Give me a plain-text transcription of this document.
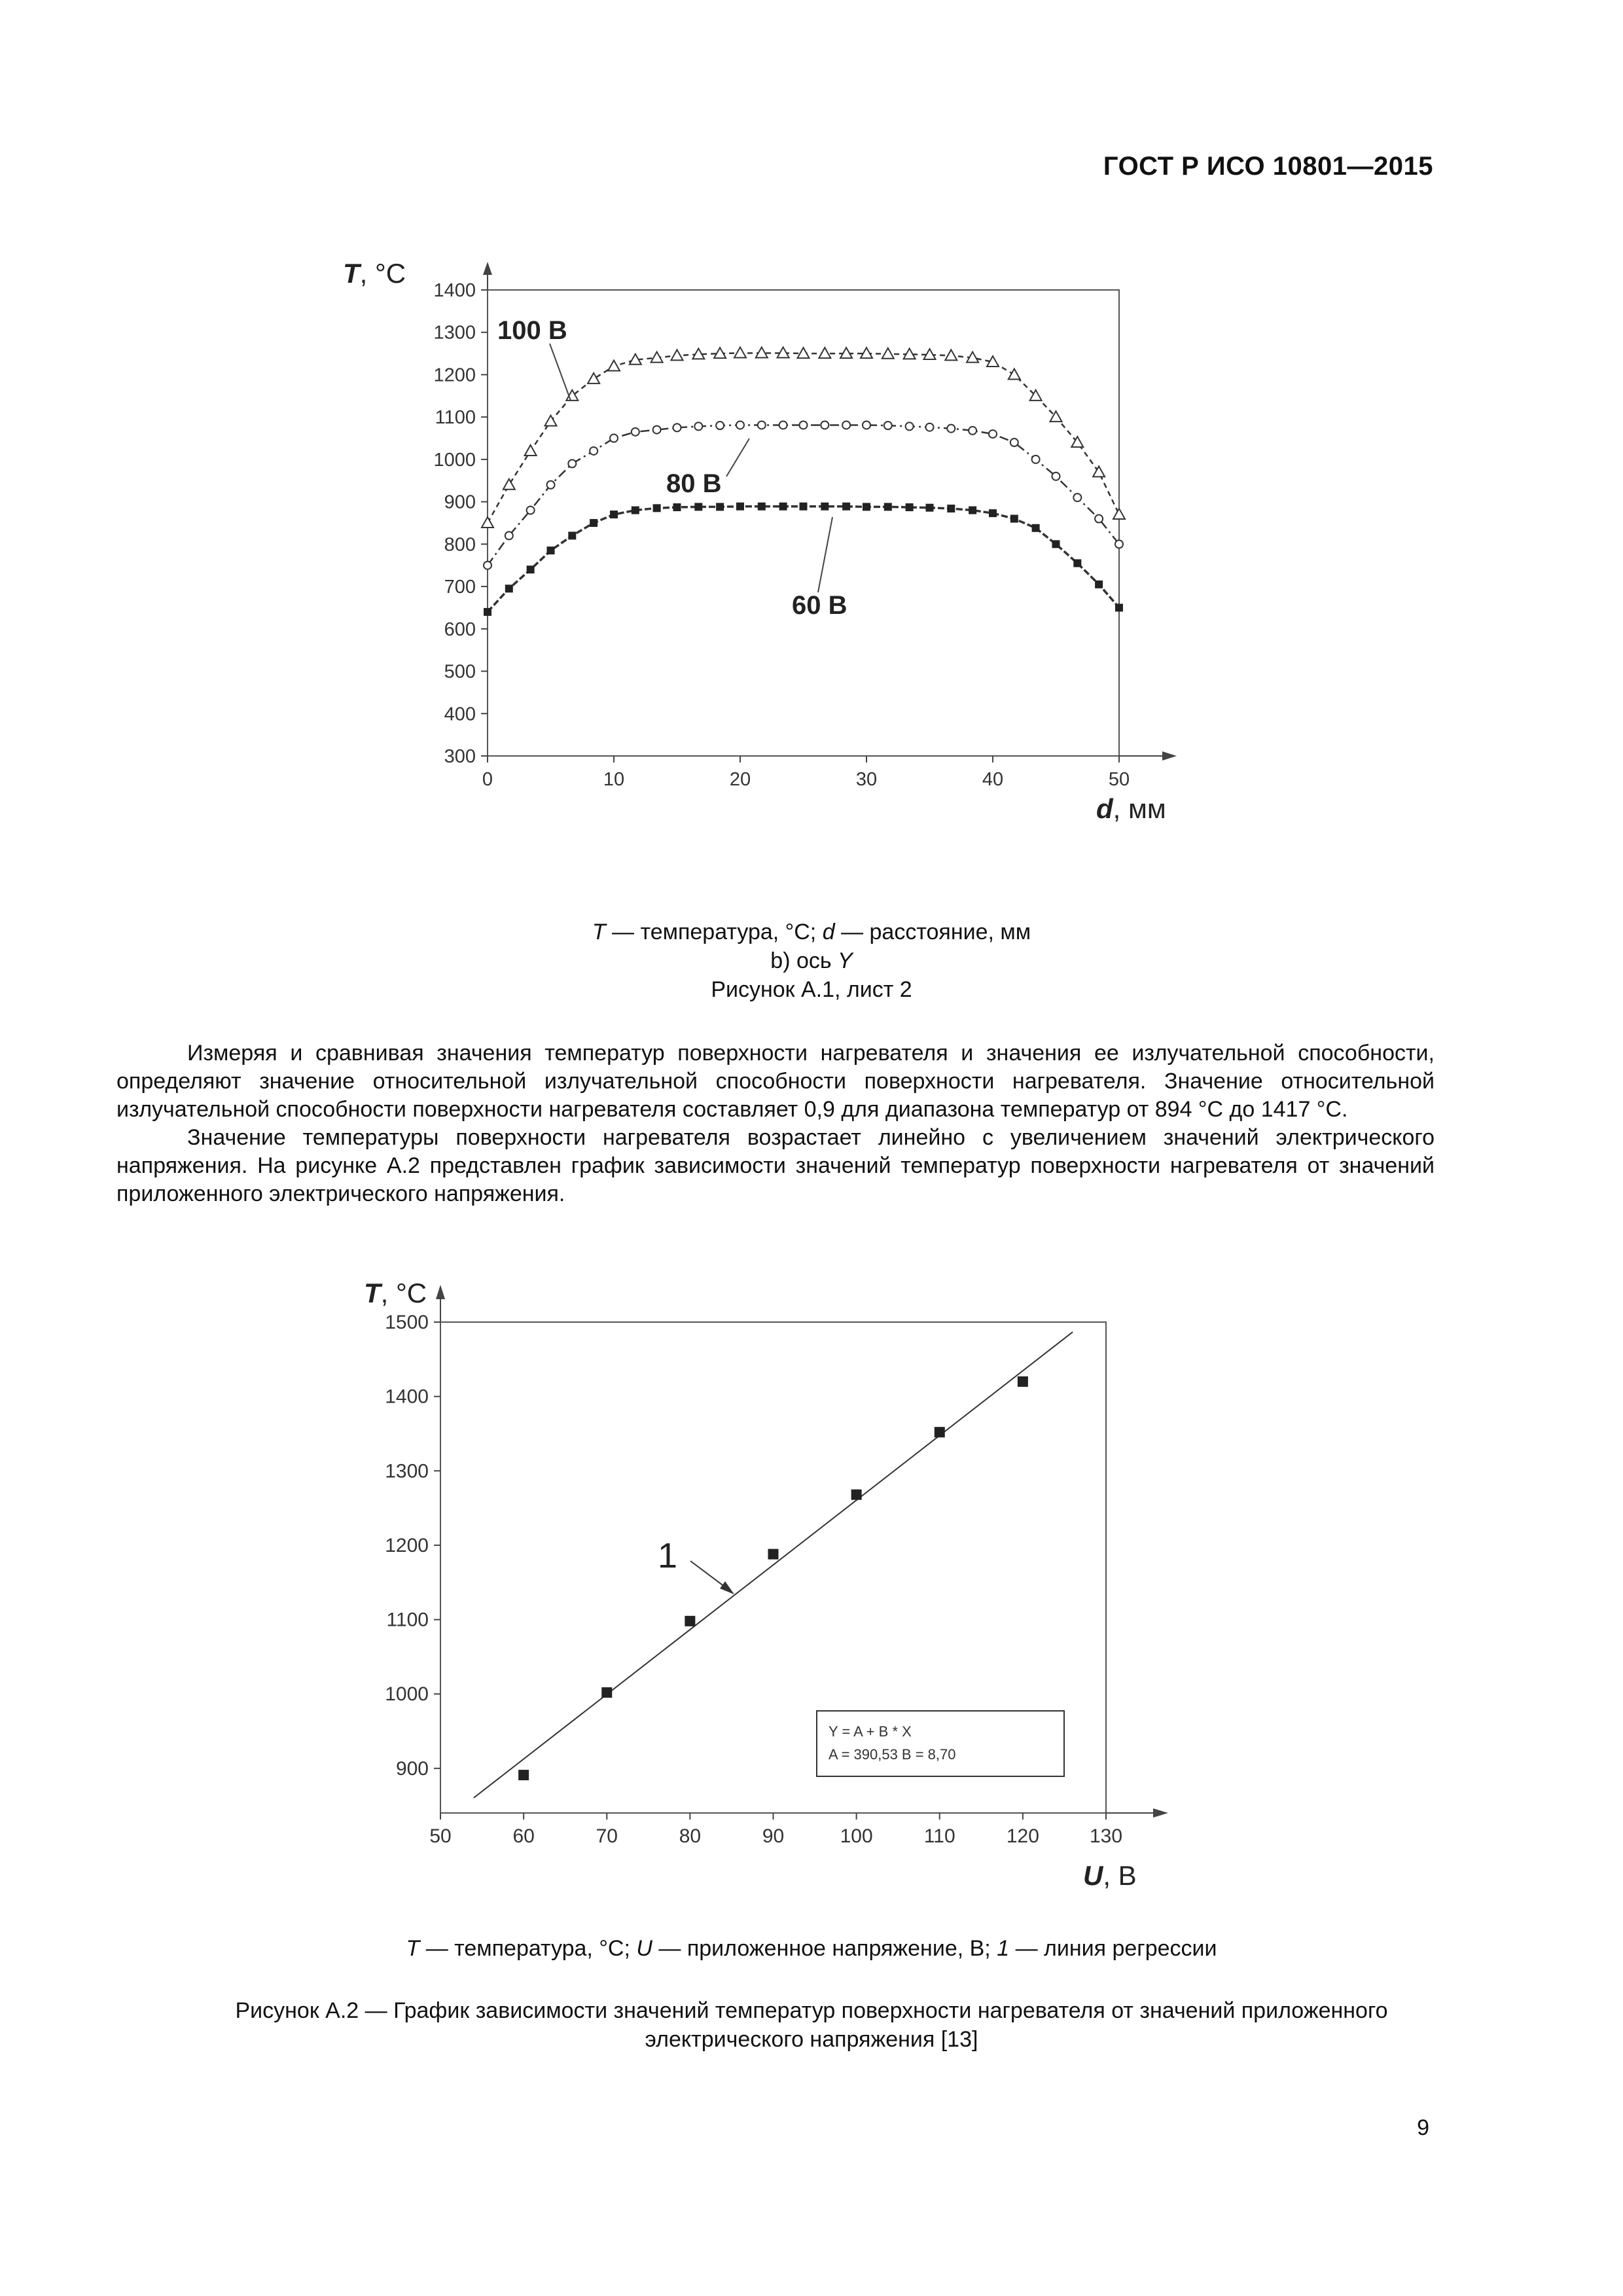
ГОСТ Р ИСО 10801—2015
300
400
500
600
700
800
900
1000
1100
1200
1300
1400
0	10	20	30	40	50
T, °C
d, мм
100 В
80 В
60 В
T — температура, °С; d — расстояние, мм
b) ось Y
Рисунок А.1, лист 2

Измеряя и сравнивая значения температур поверхности нагревателя и значения ее излучательной способности, определяют значение относительной излучательной способности поверхности нагревателя. Значение относительной излучательной способности поверхности нагревателя составляет 0,9 для диапазона температур от 894 °С до 1417 °С.

Значение температуры поверхности нагревателя возрастает линейно с увеличением значений электрического напряжения. На рисунке А.2 представлен график зависимости значений температур поверхности нагревателя от значений приложенного электрического напряжения.

900
1000
1100
1200
1300
1400
1500
50	60	70	80	90	100	110	120	130
T, °C
U, В
1
Y = A + B * X
A = 390,53 B = 8,70
T — температура, °С; U — приложенное напряжение, В; 1 — линия регрессии
Рисунок А.2 — График зависимости значений температур поверхности нагревателя от значений приложенного
электрического напряжения [13]
9
